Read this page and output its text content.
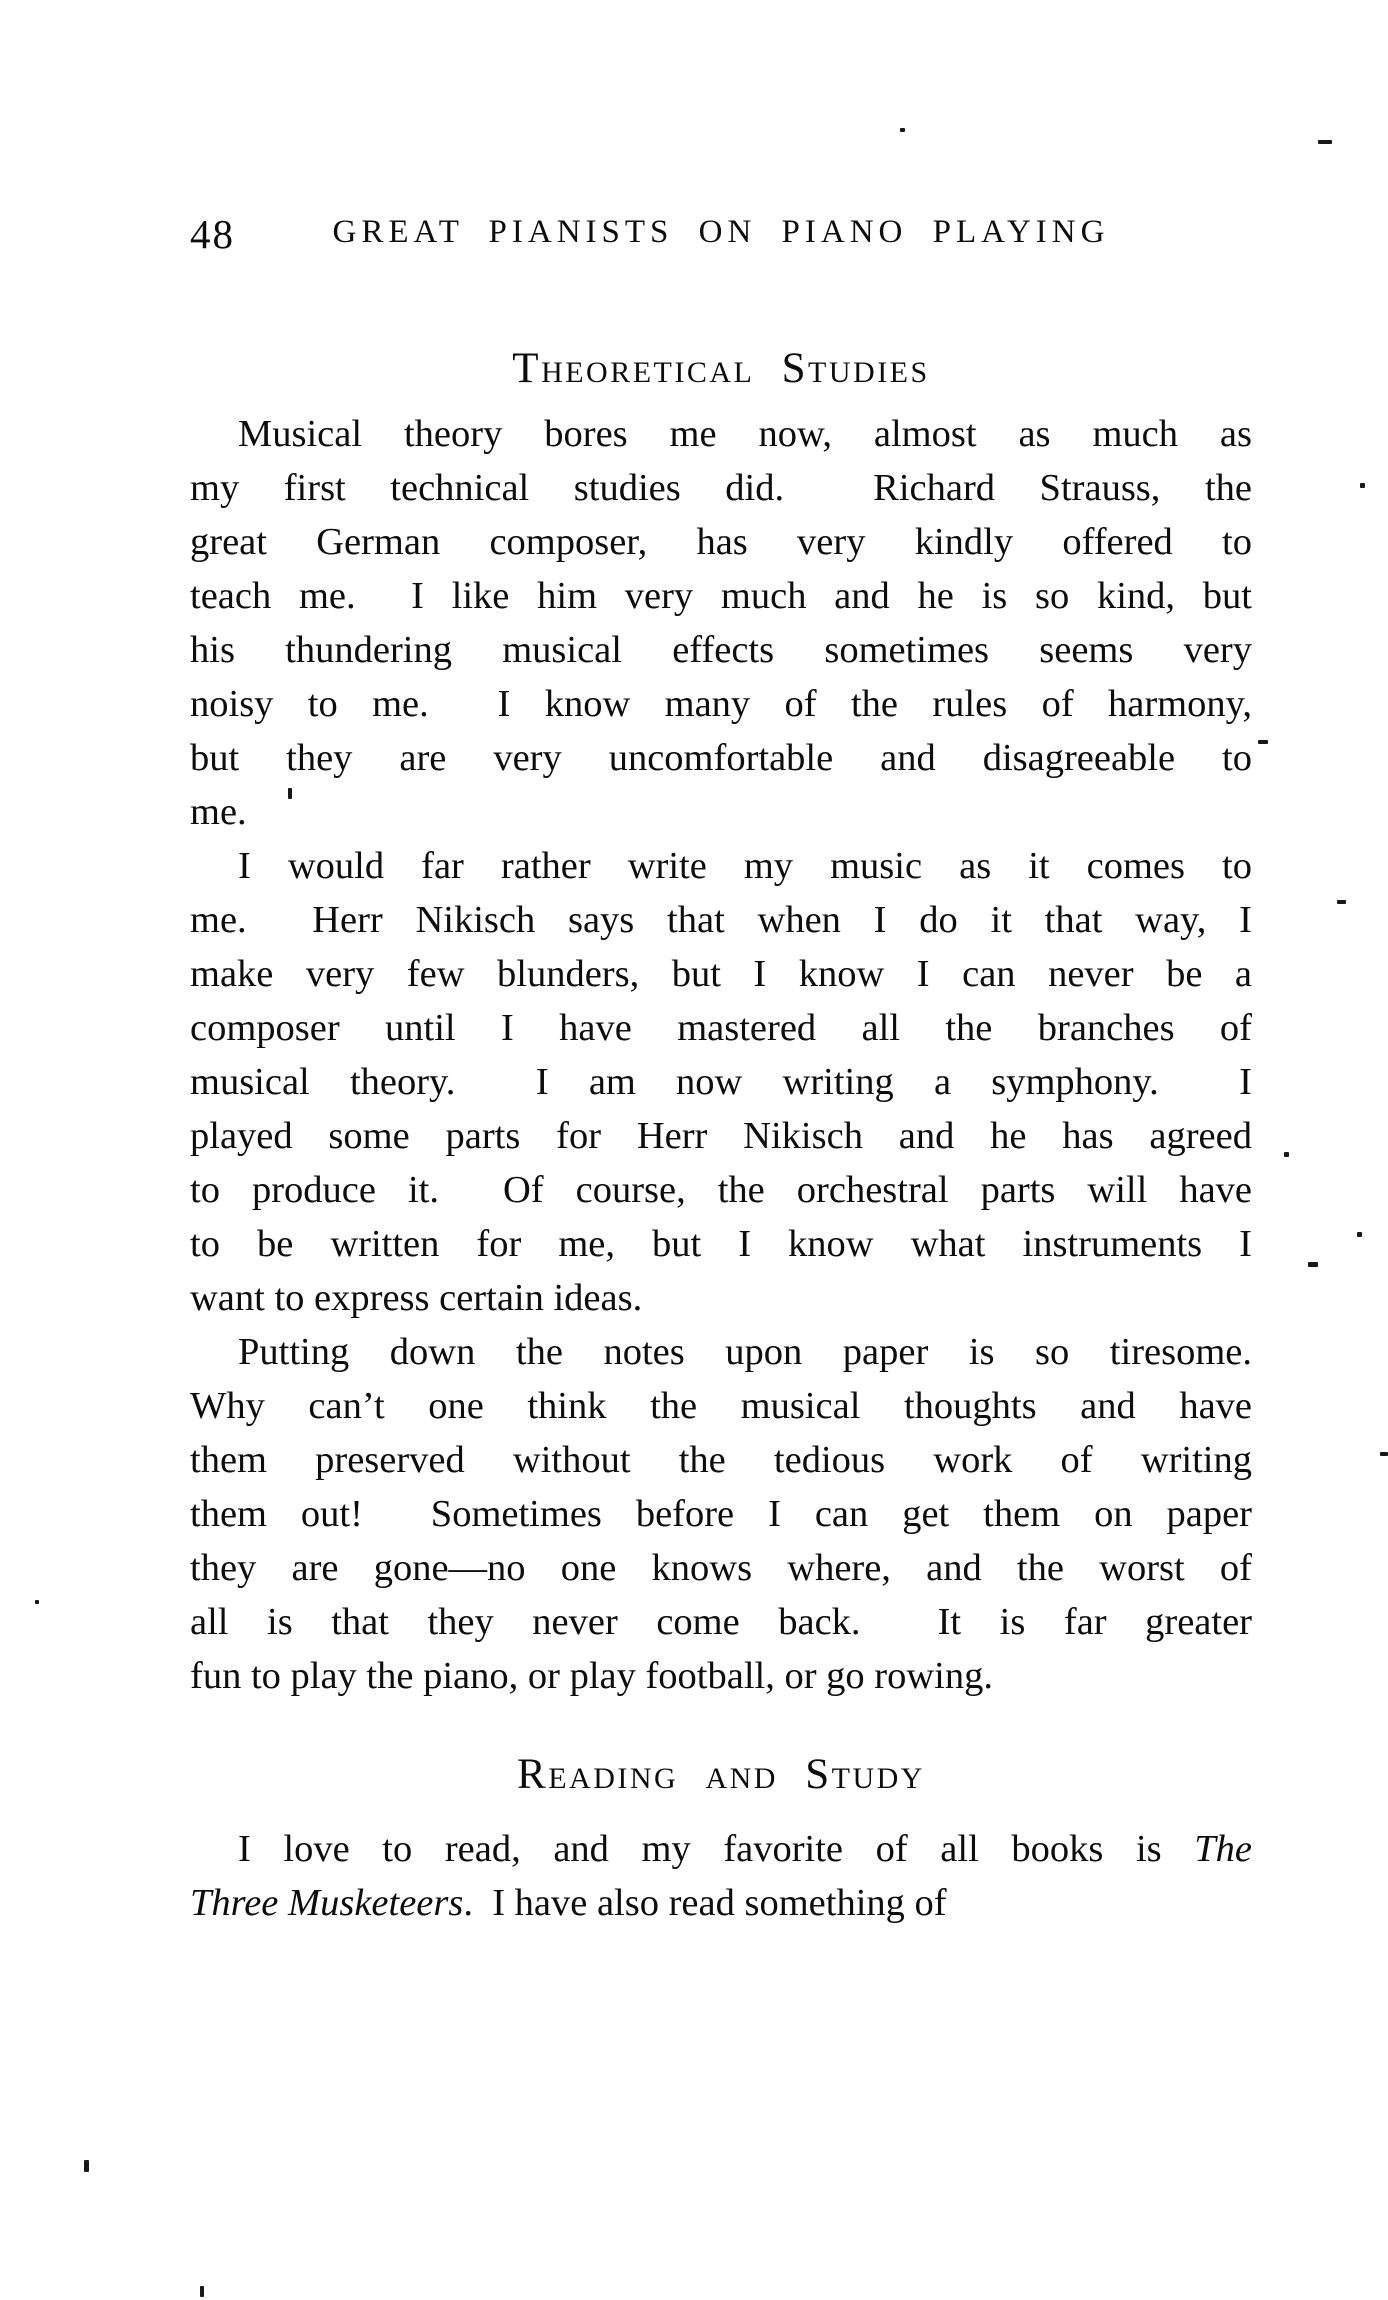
48	GREAT PIANISTS ON PIANO PLAYING
Theoretical Studies
Musical theory bores me now, almost as much as
my first technical studies did.  Richard Strauss, the
great German composer, has very kindly offered to
teach me.  I like him very much and he is so kind, but
his thundering musical effects sometimes seems very
noisy to me.  I know many of the rules of harmony,
but they are very uncomfortable and disagreeable to
me.
I would far rather write my music as it comes to
me.  Herr Nikisch says that when I do it that way, I
make very few blunders, but I know I can never be a
composer until I have mastered all the branches of
musical theory.  I am now writing a symphony.  I
played some parts for Herr Nikisch and he has agreed
to produce it.  Of course, the orchestral parts will have
to be written for me, but I know what instruments I
want to express certain ideas.
Putting down the notes upon paper is so tiresome.
Why can’t one think the musical thoughts and have
them preserved without the tedious work of writing
them out!  Sometimes before I can get them on paper
they are gone—no one knows where, and the worst of
all is that they never come back.  It is far greater
fun to play the piano, or play football, or go rowing.
Reading and Study
I love to read, and my favorite of all books is The
Three Musketeers.  I have also read something of
